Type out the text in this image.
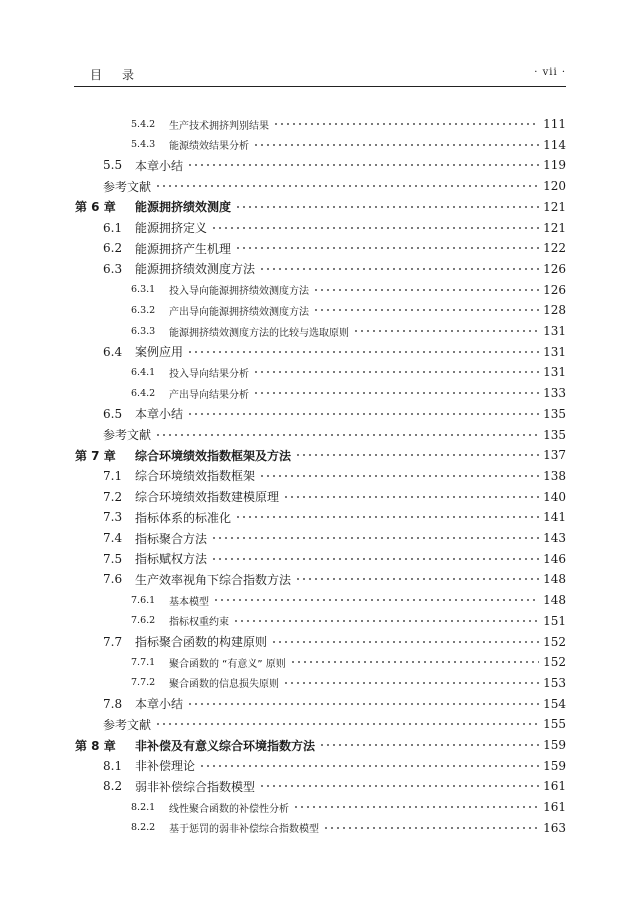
目录	· vii ·
5.4.2	生产技术拥挤判别结果	111
5.4.3	能源绩效结果分析	114
5.5	本章小结	119
参考文献	120
第 6 章	能源拥挤绩效测度	121
6.1	能源拥挤定义	121
6.2	能源拥挤产生机理	122
6.3	能源拥挤绩效测度方法	126
6.3.1	投入导向能源拥挤绩效测度方法	126
6.3.2	产出导向能源拥挤绩效测度方法	128
6.3.3	能源拥挤绩效测度方法的比较与选取原则	131
6.4	案例应用	131
6.4.1	投入导向结果分析	131
6.4.2	产出导向结果分析	133
6.5	本章小结	135
参考文献	135
第 7 章	综合环境绩效指数框架及方法	137
7.1	综合环境绩效指数框架	138
7.2	综合环境绩效指数建模原理	140
7.3	指标体系的标准化	141
7.4	指标聚合方法	143
7.5	指标赋权方法	146
7.6	生产效率视角下综合指数方法	148
7.6.1	基本模型	148
7.6.2	指标权重约束	151
7.7	指标聚合函数的构建原则	152
7.7.1	聚合函数的 “有意义” 原则	152
7.7.2	聚合函数的信息损失原则	153
7.8	本章小结	154
参考文献	155
第 8 章	非补偿及有意义综合环境指数方法	159
8.1	非补偿理论	159
8.2	弱非补偿综合指数模型	161
8.2.1	线性聚合函数的补偿性分析	161
8.2.2	基于惩罚的弱非补偿综合指数模型	163
